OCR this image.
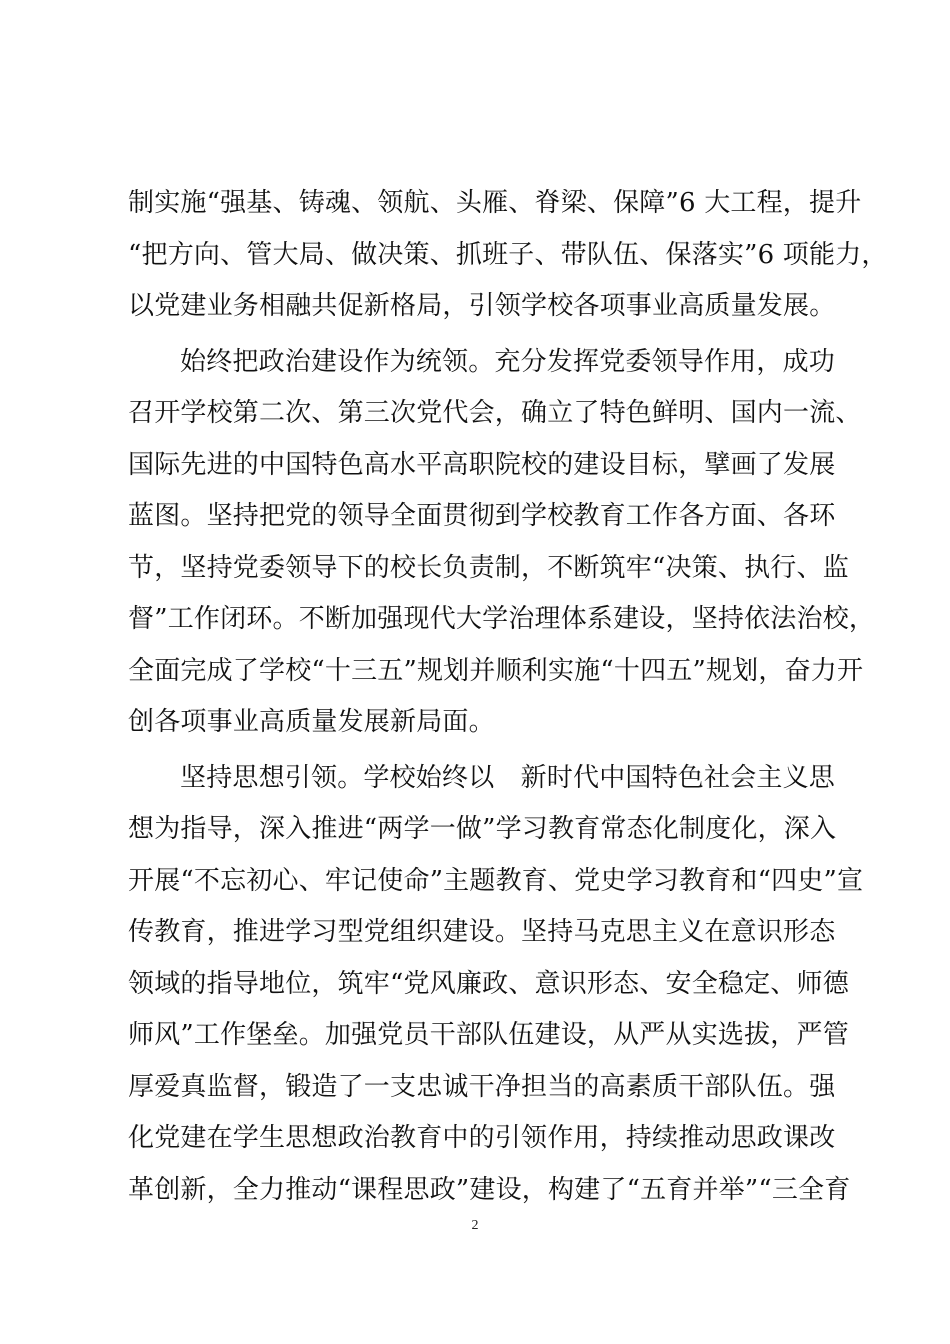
制实施“强基、铸魂、领航、头雁、脊梁、保障”6 大工程，提升
“把方向、管大局、做决策、抓班子、带队伍、保落实”6 项能力，
以党建业务相融共促新格局，引领学校各项事业高质量发展。
始终把政治建设作为统领。充分发挥党委领导作用，成功
召开学校第二次、第三次党代会，确立了特色鲜明、国内一流、
国际先进的中国特色高水平高职院校的建设目标，擘画了发展
蓝图。坚持把党的领导全面贯彻到学校教育工作各方面、各环
节，坚持党委领导下的校长负责制，不断筑牢“决策、执行、监
督”工作闭环。不断加强现代大学治理体系建设，坚持依法治校，
全面完成了学校“十三五”规划并顺利实施“十四五”规划，奋力开
创各项事业高质量发展新局面。
坚持思想引领。学校始终以　新时代中国特色社会主义思
想为指导，深入推进“两学一做”学习教育常态化制度化，深入
开展“不忘初心、牢记使命”主题教育、党史学习教育和“四史”宣
传教育，推进学习型党组织建设。坚持马克思主义在意识形态
领域的指导地位，筑牢“党风廉政、意识形态、安全稳定、师德
师风”工作堡垒。加强党员干部队伍建设，从严从实选拔，严管
厚爱真监督，锻造了一支忠诚干净担当的高素质干部队伍。强
化党建在学生思想政治教育中的引领作用，持续推动思政课改
革创新，全力推动“课程思政”建设，构建了“五育并举”“三全育
2
